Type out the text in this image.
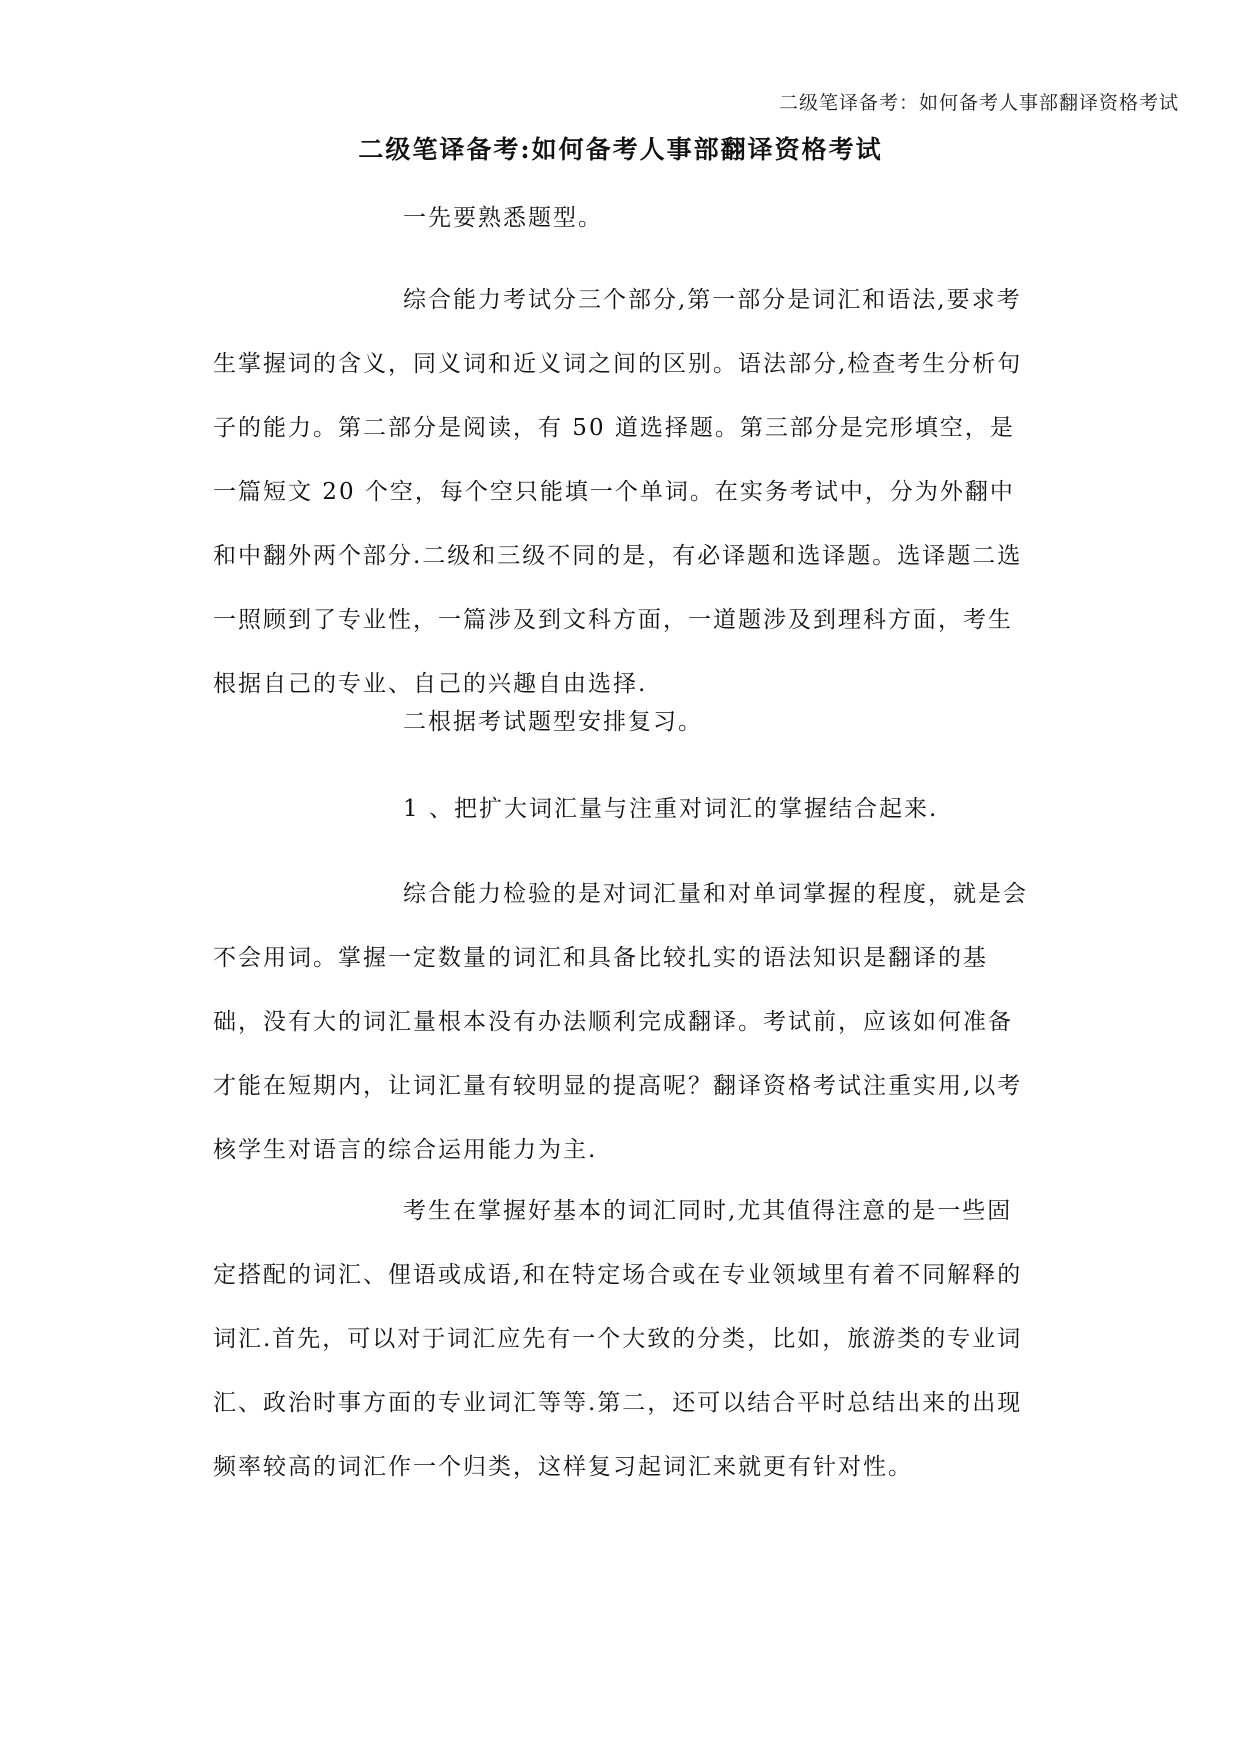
二级笔译备考：如何备考人事部翻译资格考试
二级笔译备考:如何备考人事部翻译资格考试

一先要熟悉题型。

综合能力考试分三个部分,第一部分是词汇和语法,要求考生掌握词的含义，同义词和近义词之间的区别。语法部分,检查考生分析句子的能力。第二部分是阅读，有 50 道选择题。第三部分是完形填空，是一篇短文 20 个空，每个空只能填一个单词。在实务考试中，分为外翻中和中翻外两个部分.二级和三级不同的是，有必译题和选译题。选译题二选一照顾到了专业性，一篇涉及到文科方面，一道题涉及到理科方面，考生根据自己的专业、自己的兴趣自由选择.

二根据考试题型安排复习。

1 、把扩大词汇量与注重对词汇的掌握结合起来.

综合能力检验的是对词汇量和对单词掌握的程度，就是会不会用词。掌握一定数量的词汇和具备比较扎实的语法知识是翻译的基础，没有大的词汇量根本没有办法顺利完成翻译。考试前，应该如何准备才能在短期内，让词汇量有较明显的提高呢？翻译资格考试注重实用,以考核学生对语言的综合运用能力为主.

考生在掌握好基本的词汇同时,尤其值得注意的是一些固定搭配的词汇、俚语或成语,和在特定场合或在专业领域里有着不同解释的词汇.首先，可以对于词汇应先有一个大致的分类，比如，旅游类的专业词汇、政治时事方面的专业词汇等等.第二，还可以结合平时总结出来的出现频率较高的词汇作一个归类，这样复习起词汇来就更有针对性。
